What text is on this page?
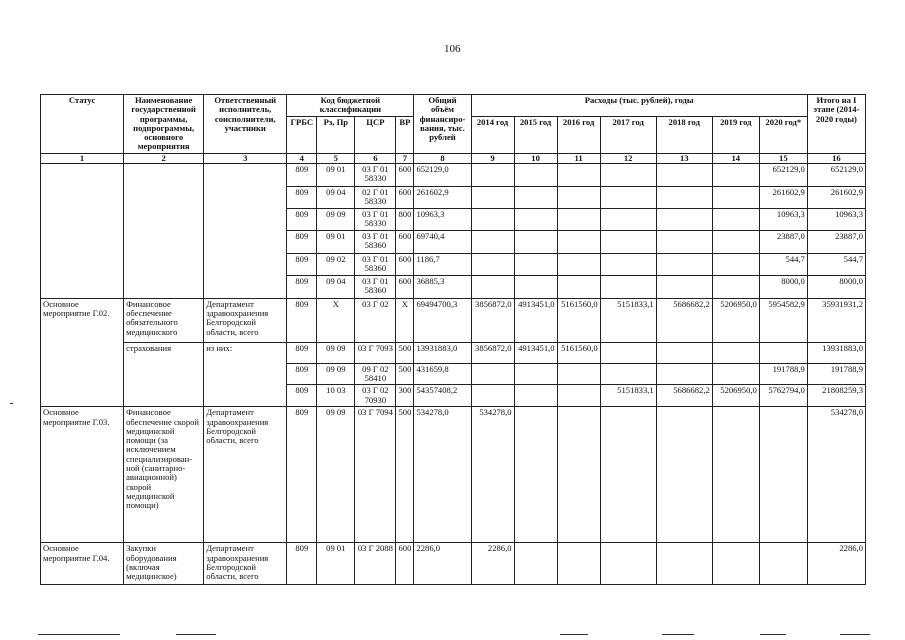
106
Статус	Наименование государственной программы, подпрограммы, основного мероприятия	Ответственный исполнитель, соисполнители, участники	Код бюджетной классификации				Общий объём финансиро-вания, тыс. рублей	Расходы (тыс. рублей), годы							Итого на I этапе (2014-2020 годы)
			ГРБС	Рз, Пр	ЦСР	ВР		2014 год	2015 год	2016 год	2017 год	2018 год	2019 год	2020 год*	
1	2	3	4	5	6	7	8	9	10	11	12	13	14	15	16
			809	09 01	03 Г 01 58330	600	652129,0							652129,0	652129,0
			809	09 04	02 Г 01 58330	600	261602,9							261602,9	261602,9
			809	09 09	03 Г 01 58330	800	10963,3							10963,3	10963,3
			809	09 01	03 Г 01 58360	600	69740,4							23887,0	23887,0
			809	09 02	03 Г 01 58360	600	1186,7							544,7	544,7
			809	09 04	03 Г 01 58360	600	36885,3							8000,0	8000,0
Основное мероприятие Г.02.	Финансовое обеспечение обязательного медицинского	Департамент здравоохранения Белгородской области, всего	809	X	03 Г 02	X	69494700,3	3856872,0	4913451,0	5161560,0	5151833,1	5686682,2	5206950,0	5954582,9	35931931,2
	страхования	из них:	809	09 09	03 Г 7093	500	13931883,0	3856872,0	4913451,0	5161560,0					13931883,0
			809	09 09	09 Г 02 58410	500	431659,8							191788,9	191788,9
			809	10 03	03 Г 02 70930	300	54357408,2				5151833,1	5686682,2	5206950,0	5762794,0	21808259,3
Основное мероприятие Г.03.	Финансовое обеспечение скорой медицинской помощи (за исключением специализирован-ной (санитарно-авиационной) скорой медицинской помощи)	Департамент здравоохранения Белгородской области, всего	809	09 09	03 Г 7094	500	534278,0	534278,0							534278,0
Основное мероприятие Г.04.	Закупки оборудования (включая медицинское)	Департамент здравоохранения Белгородской области, всего	809	09 01	03 Г 2088	600	2286,0	2286,0							2286,0
